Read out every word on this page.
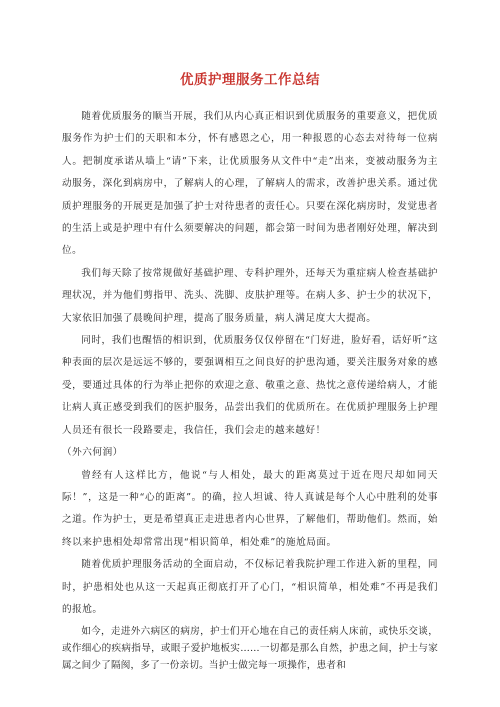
优质护理服务工作总结

随着优质服务的顺当开展，我们从内心真正相识到优质服务的重要意义，把优质服务作为护士们的天职和本分，怀有感恩之心，用一种报恩的心态去对待每一位病人。把制度承诺从墙上“请”下来，让优质服务从文件中“走”出来，变被动服务为主动服务，深化到病房中，了解病人的心理，了解病人的需求，改善护患关系。通过优质护理服务的开展更是加强了护士对待患者的责任心。只要在深化病房时，发觉患者的生活上或是护理中有什么须要解决的问题，都会第一时间为患者刚好处理，解决到位。

我们每天除了按常规做好基础护理、专科护理外，还每天为重症病人检查基础护理状况，并为他们剪指甲、洗头、洗脚、皮肤护理等。在病人多、护士少的状况下，大家依旧加强了晨晚间护理，提高了服务质量，病人满足度大大提高。

同时，我们也醒悟的相识到，优质服务仅仅停留在“门好进，脸好看，话好听”这种表面的层次是远远不够的，要强调相互之间良好的护患沟通，要关注服务对象的感受，要通过具体的行为举止把你的欢迎之意、敬重之意、热忱之意传递给病人，才能让病人真正感受到我们的医护服务，品尝出我们的优质所在。在优质护理服务上护理人员还有很长一段路要走，我信任，我们会走的越来越好！

（外六何润）

曾经有人这样比方，他说“与人相处，最大的距离莫过于近在咫尺却如同天际！”，这是一种“心的距离”。的确，拉人坦诚、待人真诚是每个人心中胜利的处事之道。作为护士，更是希望真正走进患者内心世界，了解他们，帮助他们。然而，始终以来护患相处却常常出现“相识简单，相处难”的施尬局面。

随着优质护理服务活动的全面启动，不仅标记着我院护理工作进入新的里程，同时，护患相处也从这一天起真正彻底打开了心门，“相识简单，相处难”不再是我们的报尬。

如今，走进外六病区的病房，护士们开心地在自己的责任病人床前，或快乐交谈，或作细心的疾病指导，或眼子爱护地板实……一切都是那么自然，护患之间，护士与家属之间少了隔阂，多了一份亲切。当护士做完每一项操作，患者和
